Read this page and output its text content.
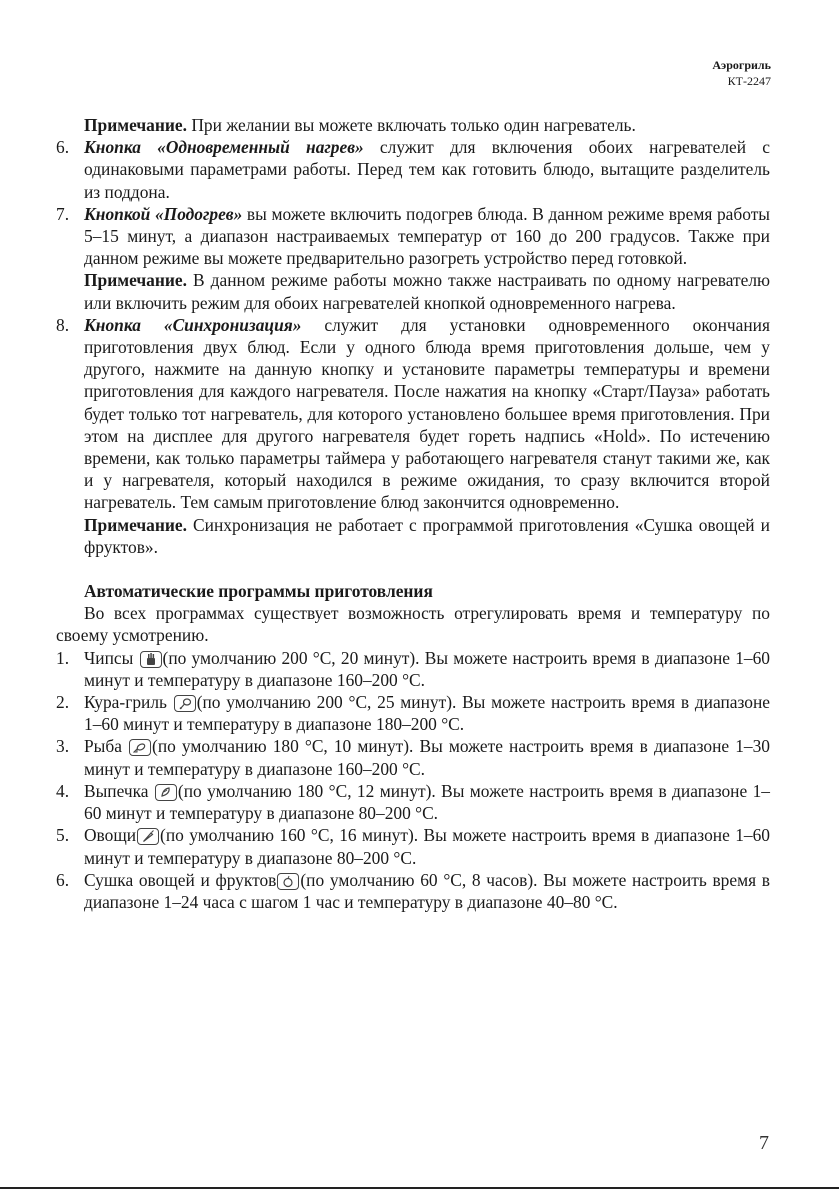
Аэрогриль
КТ-2247

Примечание. При желании вы можете включать только один нагреватель.

6. Кнопка «Одновременный нагрев» служит для включения обоих нагревателей с одинаковыми параметрами работы. Перед тем как готовить блюдо, вытащите разделитель из поддона.

7. Кнопкой «Подогрев» вы можете включить подогрев блюда. В данном режиме время работы 5–15 минут, а диапазон настраиваемых температур от 160 до 200 градусов. Также при данном режиме вы можете предварительно разогреть устройство перед готовкой.

Примечание. В данном режиме работы можно также настраивать по одному нагревателю или включить режим для обоих нагревателей кнопкой одновременного нагрева.

8. Кнопка «Синхронизация» служит для установки одновременного окончания приготовления двух блюд. Если у одного блюда время приготовления дольше, чем у другого, нажмите на данную кнопку и установите параметры температуры и времени приготовления для каждого нагревателя. После нажатия на кнопку «Старт/Пауза» работать будет только тот нагреватель, для которого установлено большее время приготовления. При этом на дисплее для другого нагревателя будет гореть надпись «Hold». По истечению времени, как только параметры таймера у работающего нагревателя станут такими же, как и у нагревателя, который находился в режиме ожидания, то сразу включится второй нагреватель. Тем самым приготовление блюд закончится одновременно.

Примечание. Синхронизация не работает с программой приготовления «Сушка овощей и фруктов».

Автоматические программы приготовления

Во всех программах существует возможность отрегулировать время и температуру по своему усмотрению.

1. Чипсы (по умолчанию 200 °С, 20 минут). Вы можете настроить время в диапазоне 1–60 минут и температуру в диапазоне 160–200 °С.

2. Кура-гриль (по умолчанию 200 °С, 25 минут). Вы можете настроить время в диапазоне 1–60 минут и температуру в диапазоне 180–200 °С.

3. Рыба (по умолчанию 180 °С, 10 минут). Вы можете настроить время в диапазоне 1–30 минут и температуру в диапазоне 160–200 °С.

4. Выпечка (по умолчанию 180 °С, 12 минут). Вы можете настроить время в диапазоне 1–60 минут и температуру в диапазоне 80–200 °С.

5. Овощи (по умолчанию 160 °С, 16 минут). Вы можете настроить время в диапазоне 1–60 минут и температуру в диапазоне 80–200 °С.

6. Сушка овощей и фруктов (по умолчанию 60 °С, 8 часов). Вы можете настроить время в диапазоне 1–24 часа с шагом 1 час и температуру в диапазоне 40–80 °С.

7
